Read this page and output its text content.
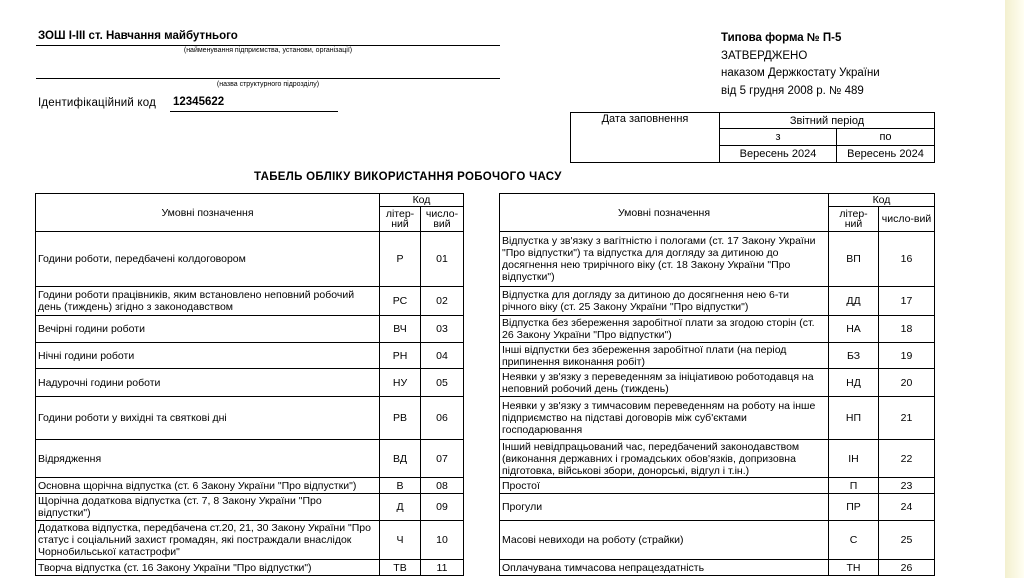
ЗОШ І-ІІІ ст. Навчання майбутнього
(найменування підприємства, установи, організації)
(назва структурного підрозділу)
Ідентифікаційний код 12345622
Типова форма № П-5
ЗАТВЕРДЖЕНО
наказом Держкостату України
від 5 грудня 2008 р. № 489
Дата заповнення	Звітний період	
	з	по
	Вересень 2024	Вересень 2024
ТАБЕЛЬ ОБЛІКУ ВИКОРИСТАННЯ РОБОЧОГО ЧАСУ
Умовні позначення	Код	
	літер-ний	число-вий
Години роботи, передбачені колдоговором	Р	01
Години роботи працівників, яким встановлено неповний робочий день (тиждень) згідно з законодавством	РС	02
Вечірні години роботи	ВЧ	03
Нічні години роботи	РН	04
Надурочні години роботи	НУ	05
Години роботи у вихідні та святкові дні	РВ	06
Відрядження	ВД	07
Основна щорічна відпустка (ст. 6 Закону України "Про відпустки")	В	08
Щорічна додаткова відпустка (ст. 7, 8 Закону України "Про відпустки")	Д	09
Додаткова відпустка, передбачена ст.20, 21, 30 Закону України "Про статус і соціальний захист громадян, які постраждали внаслідок Чорнобильської катастрофи"	Ч	10
Творча відпустка (ст. 16 Закону України "Про відпустки")	ТВ	11
Умовні позначення	Код	
	літер-ний	число-вий
Відпустка у зв'язку з вагітністю і пологами (ст. 17 Закону України "Про відпустки") та відпустка для догляду за дитиною до досягнення нею трирічного віку (ст. 18 Закону України "Про відпустки")	ВП	16
Відпустка для догляду за дитиною до досягнення нею 6-ти річного віку (ст. 25 Закону України "Про відпустки")	ДД	17
Відпустка без збереження заробітної плати за згодою сторін (ст. 26 Закону України "Про відпустки")	НА	18
Інші відпустки без збереження заробітної плати (на період припинення виконання робіт)	БЗ	19
Неявки у зв'язку з переведенням за ініціативою роботодавця на неповний робочий день (тиждень)	НД	20
Неявки у зв'язку з тимчасовим переведенням на роботу на інше підприємство на підставі договорів між суб'єктами господарювання	НП	21
Інший невідпрацьований час, передбачений законодавством (виконання державних і громадських обов'язків, допризовна підготовка, військові збори, донорські, відгул і т.ін.)	ІН	22
Простої	П	23
Прогули	ПР	24
Масові невиходи на роботу (страйки)	С	25
Оплачувана тимчасова непрацездатність	ТН	26
